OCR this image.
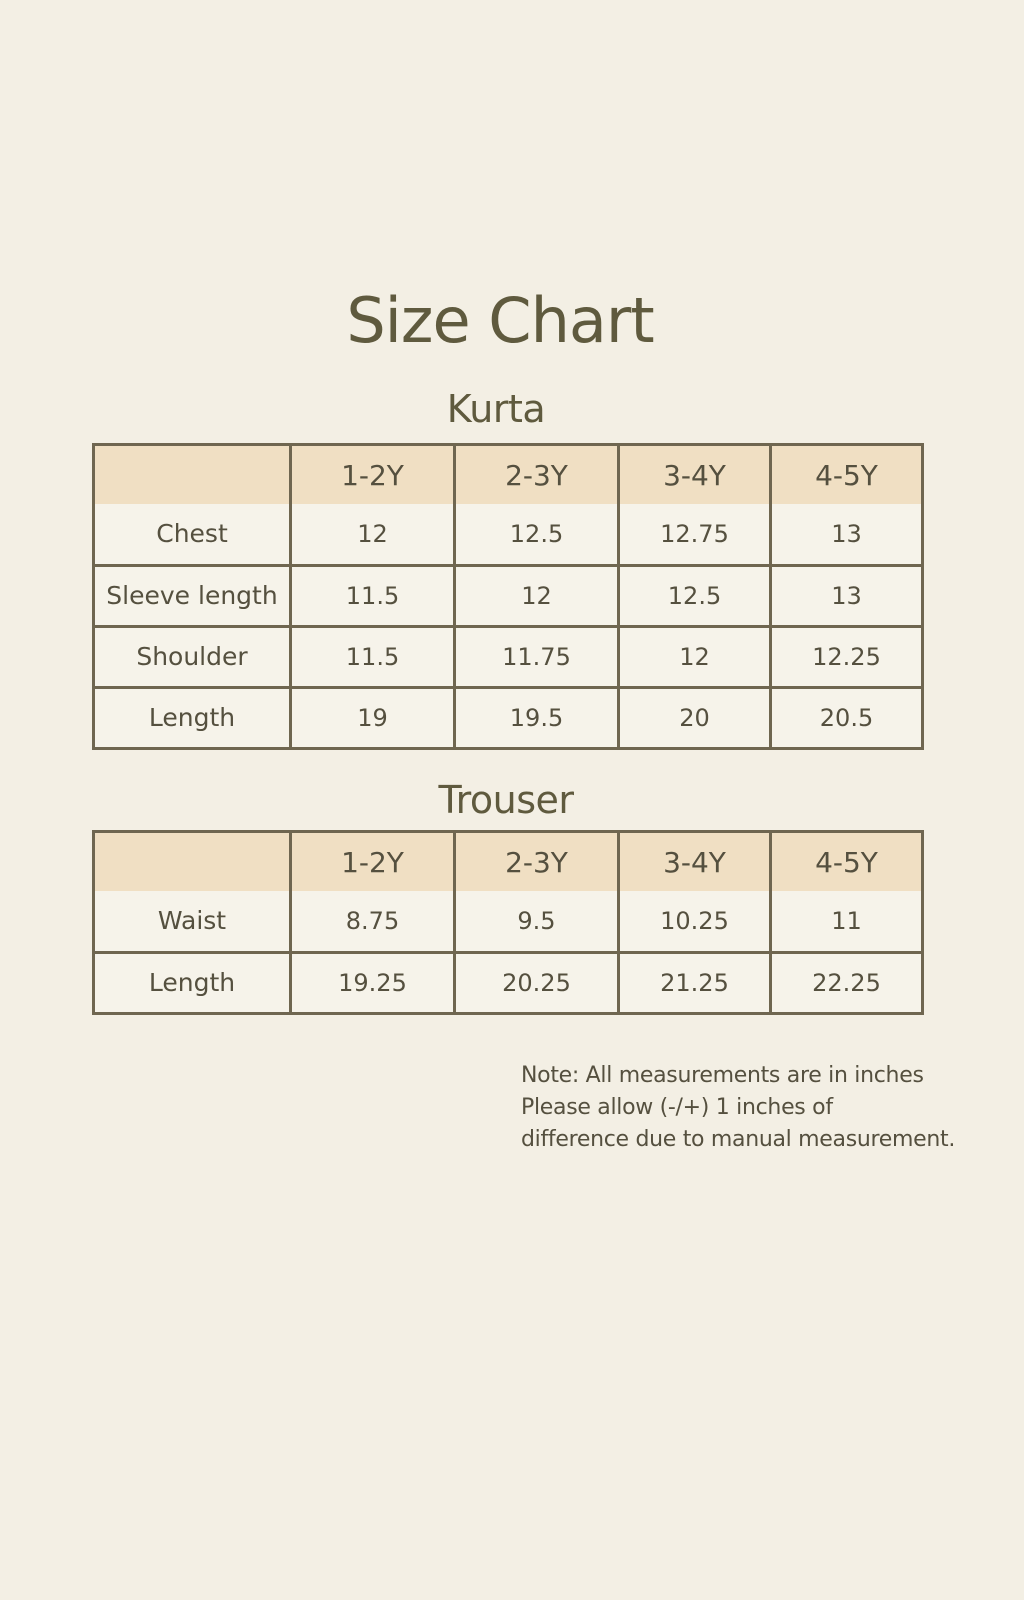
Size Chart
Kurta
	1-2Y	2-3Y	3-4Y	4-5Y
Chest	12	12.5	12.75	13
Sleeve length	11.5	12	12.5	13
Shoulder	11.5	11.75	12	12.25
Length	19	19.5	20	20.5
Trouser
	1-2Y	2-3Y	3-4Y	4-5Y
Waist	8.75	9.5	10.25	11
Length	19.25	20.25	21.25	22.25
Note: All measurements are in inches
Please allow (-/+) 1 inches of
difference due to manual measurement.
